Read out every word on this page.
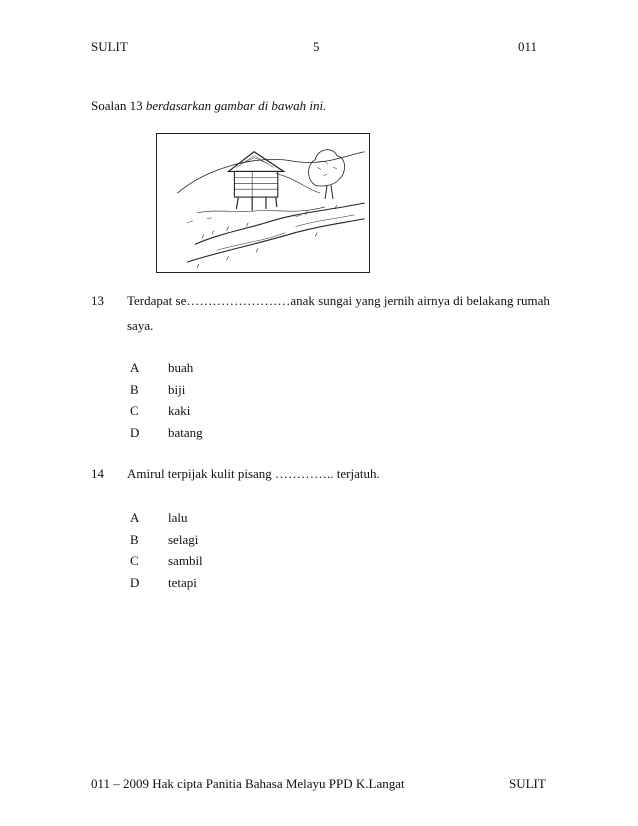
SULIT	5	011
Soalan 13 berdasarkan gambar di bawah ini.
13 Terdapat se……………………anak sungai yang jernih airnya di belakang rumah
saya.
A buah
B biji
C kaki
D batang
14 Amirul terpijak kulit pisang ………….. terjatuh.
A lalu
B selagi
C sambil
D tetapi
011 – 2009 Hak cipta Panitia Bahasa Melayu PPD K.Langat	SULIT
